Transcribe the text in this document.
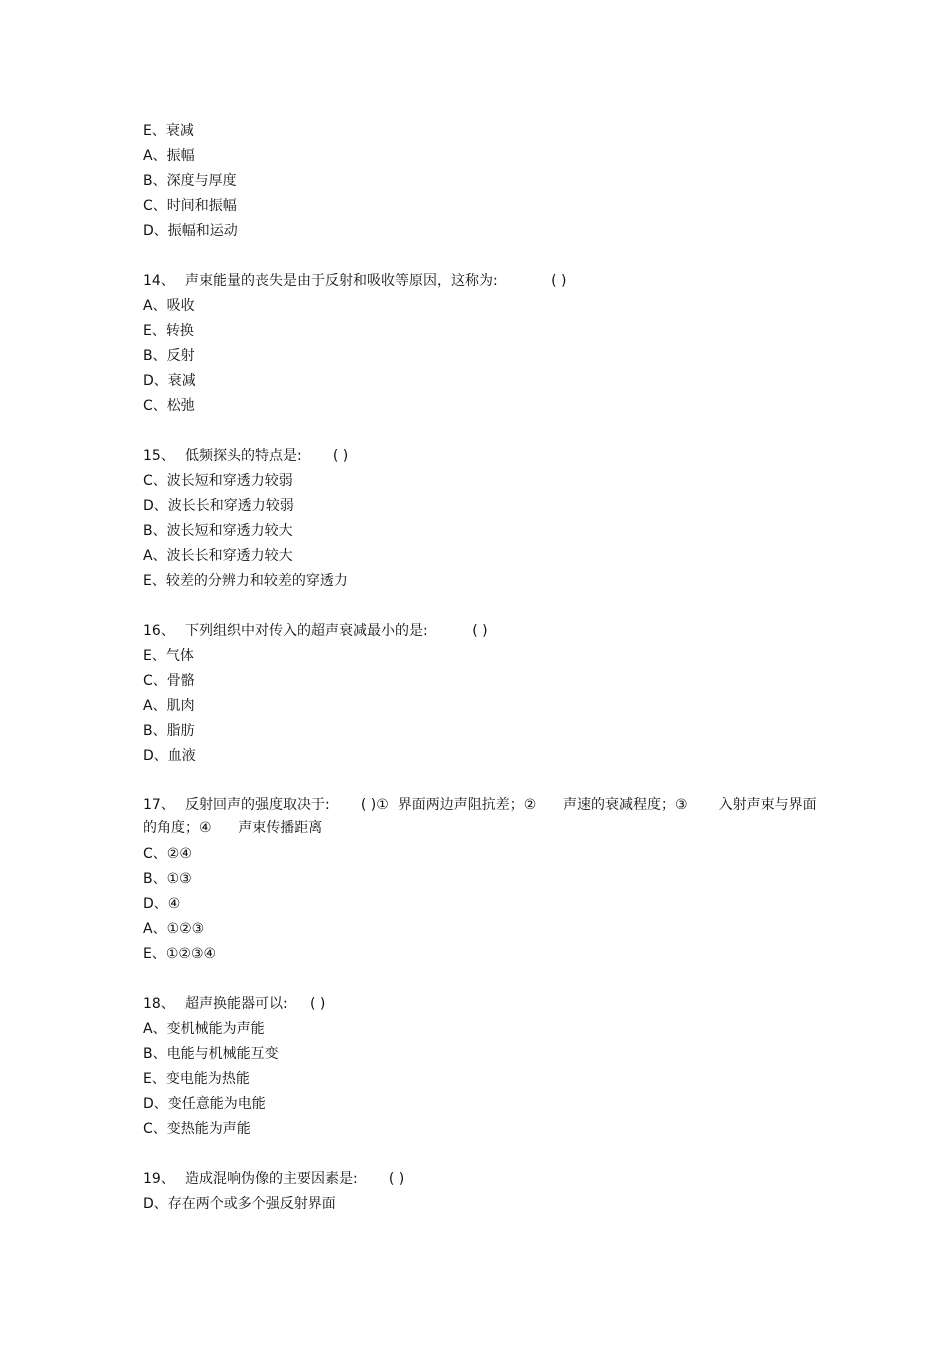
E、衰减
A、振幅
B、深度与厚度
C、时间和振幅
D、振幅和运动
14、 声束能量的丧失是由于反射和吸收等原因，这称为:            ( )
A、吸收
E、转换
B、反射
D、衰减
C、松弛
15、 低频探头的特点是:       ( )
C、波长短和穿透力较弱
D、波长长和穿透力较弱
B、波长短和穿透力较大
A、波长长和穿透力较大
E、较差的分辨力和较差的穿透力
16、 下列组织中对传入的超声衰减最小的是:          ( )
E、气体
C、骨骼
A、肌肉
B、脂肪
D、血液
17、 反射回声的强度取决于:       ( )①  界面两边声阻抗差；②      声速的衰减程度；③       入射声束与界面的角度；④      声束传播距离
C、②④
B、①③
D、④
A、①②③
E、①②③④
18、 超声换能器可以:     ( )
A、变机械能为声能
B、电能与机械能互变
E、变电能为热能
D、变任意能为电能
C、变热能为声能
19、 造成混响伪像的主要因素是:       ( )
D、存在两个或多个强反射界面
